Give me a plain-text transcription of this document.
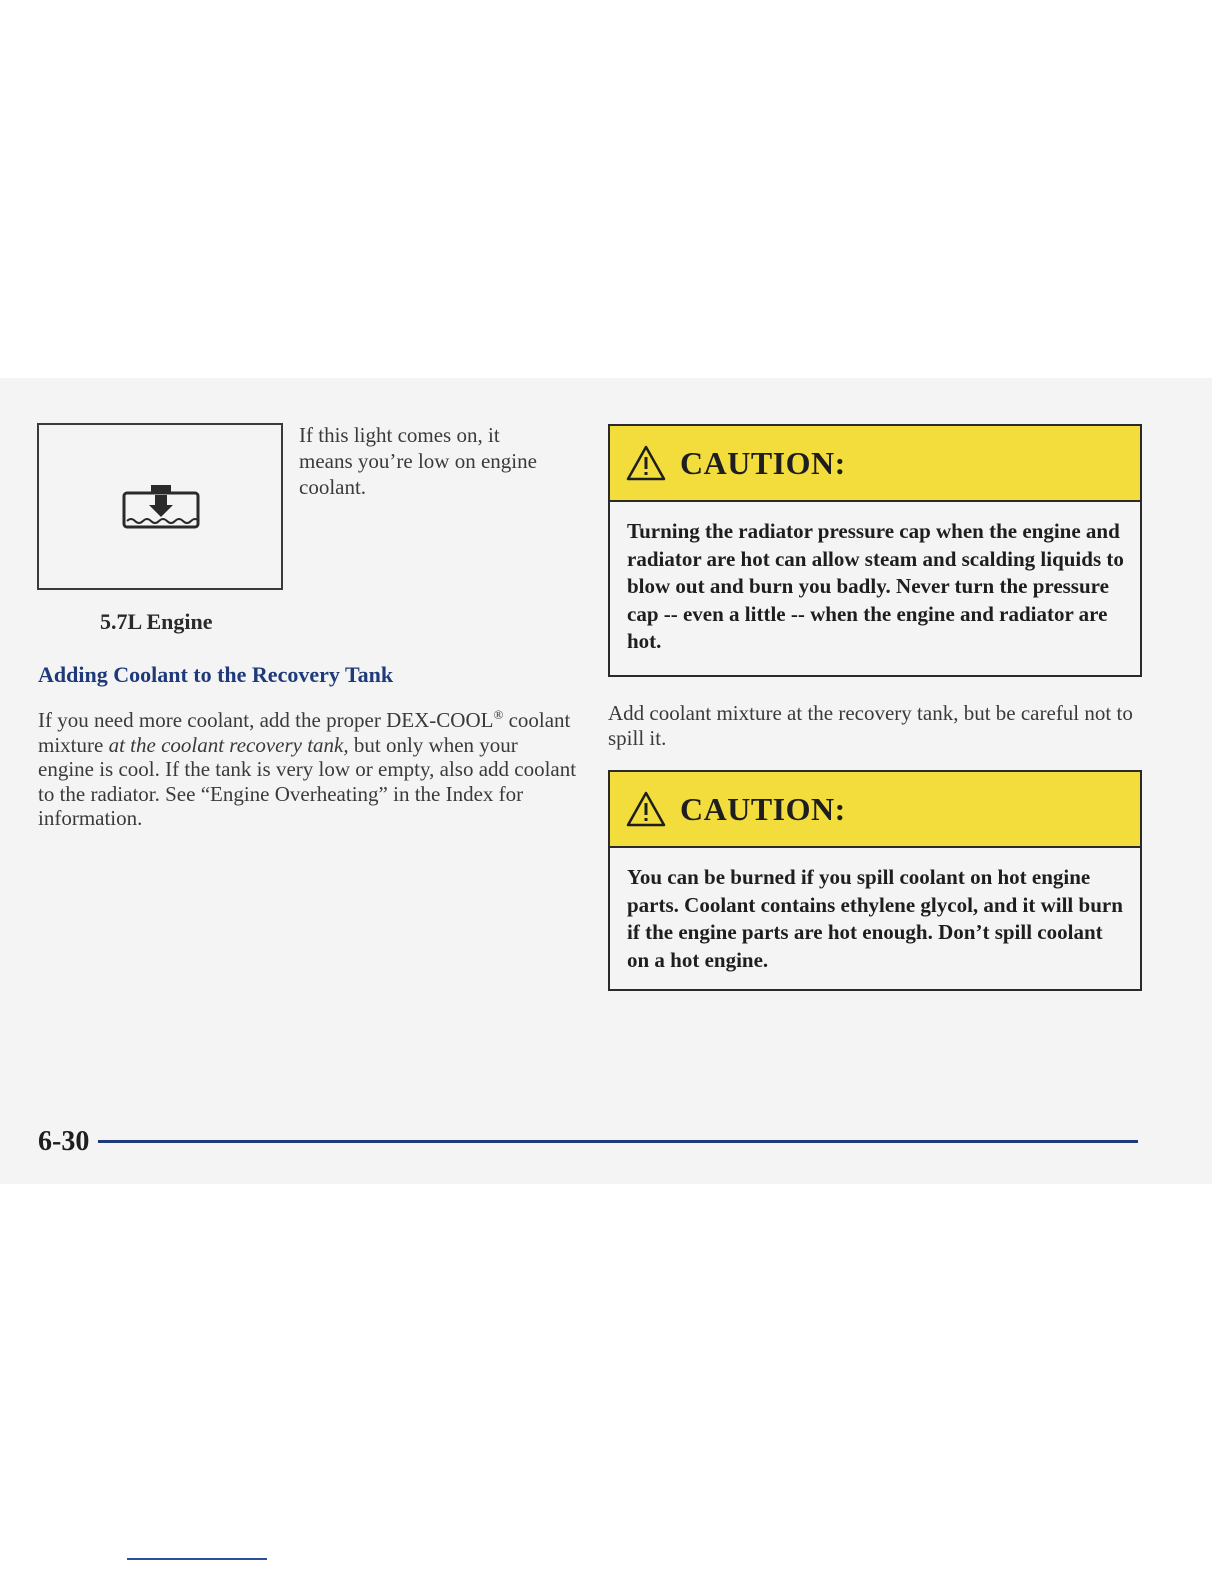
If this light comes on, it means you’re low on engine coolant.
5.7L Engine
Adding Coolant to the Recovery Tank
If you need more coolant, add the proper DEX-COOL® coolant mixture at the coolant recovery tank, but only when your engine is cool. If the tank is very low or empty, also add coolant to the radiator. See “Engine Overheating” in the Index for information.
CAUTION:
Turning the radiator pressure cap when the engine and radiator are hot can allow steam and scalding liquids to blow out and burn you badly. Never turn the pressure cap -- even a little -- when the engine and radiator are hot.
Add coolant mixture at the recovery tank, but be careful not to spill it.
CAUTION:
You can be burned if you spill coolant on hot engine parts. Coolant contains ethylene glycol, and it will burn if the engine parts are hot enough. Don’t spill coolant on a hot engine.
6-30
